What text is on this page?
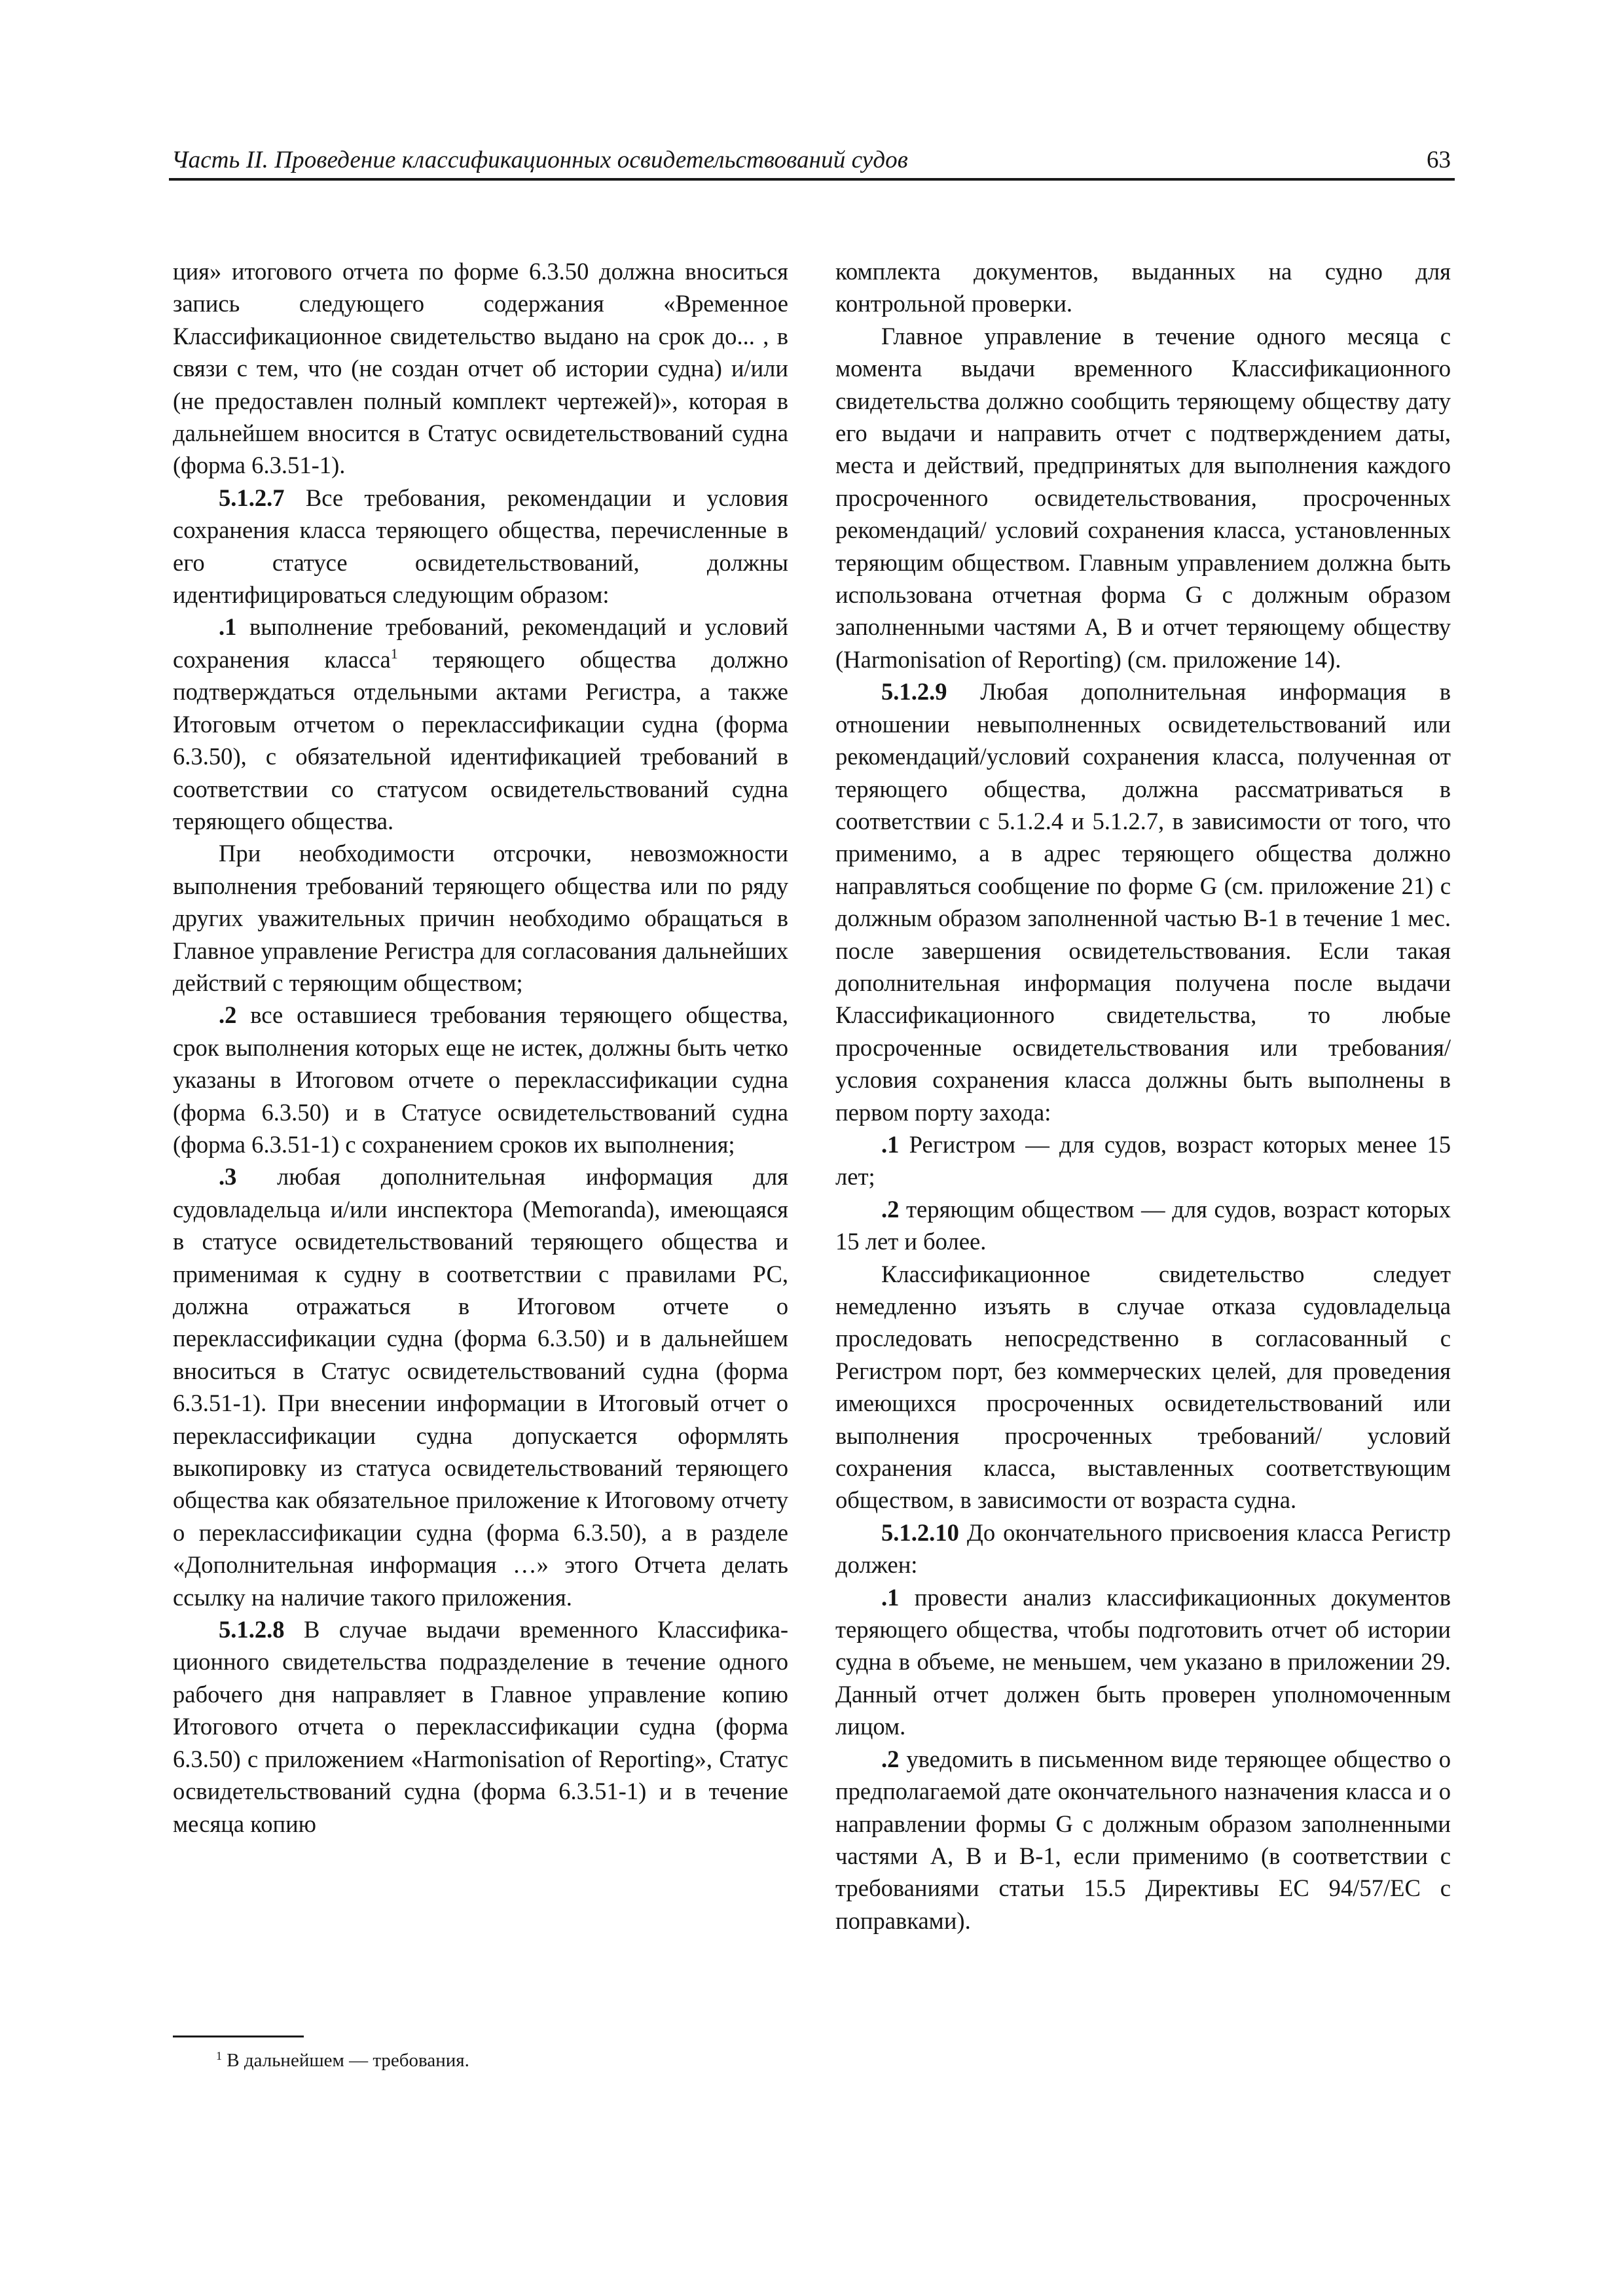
Часть II. Проведение классификационных освидетельствований судов	63

ция» итогового отчета по форме 6.3.50 должна вноситься запись следующего содержания «Временное Классификационное свидетельство выдано на срок до... , в связи с тем, что (не создан отчет об истории судна) и/или (не предоставлен полный комплект чертежей)», которая в дальнейшем вносится в Статус освидетельствований судна (форма 6.3.51-1).

5.1.2.7 Все требования, рекомендации и условия сохранения класса теряющего общества, перечисленные в его статусе освидетельствований, должны идентифицироваться следующим образом:

.1 выполнение требований, рекомендаций и условий сохранения класса$^1$ теряющего общества должно подтверждаться отдельными актами Регистра, а также Итоговым отчетом о переклассификации судна (форма 6.3.50), с обязательной идентификацией требований в соответствии со статусом освидетельствований судна теряющего общества.

При необходимости отсрочки, невозможности выполнения требований теряющего общества или по ряду других уважительных причин необходимо обращаться в Главное управление Регистра для согласования дальнейших действий с теряющим обществом;

.2 все оставшиеся требования теряющего общества, срок выполнения которых еще не истек, должны быть четко указаны в Итоговом отчете о переклассификации судна (форма 6.3.50) и в Статусе освидетельствований судна (форма 6.3.51-1) с сохранением сроков их выполнения;

.3 любая дополнительная информация для судовладельца и/или инспектора (Memoranda), имеющаяся в статусе освидетельствований теряющего общества и применимая к судну в соответствии с правилами РС, должна отражаться в Итоговом отчете о переклассификации судна (форма 6.3.50) и в дальнейшем вноситься в Статус освидетельствований судна (форма 6.3.51-1). При внесении информации в Итоговый отчет о переклассификации судна допускается оформлять выкопировку из статуса освидетельствований теряющего общества как обязательное приложение к Итоговому отчету о переклассификации судна (форма 6.3.50), а в разделе «Дополнительная информация …» этого Отчета делать ссылку на наличие такого приложения.

5.1.2.8 В случае выдачи временного Классификационного свидетельства подразделение в течение одного рабочего дня направляет в Главное управление копию Итогового отчета о переклассификации судна (форма 6.3.50) с приложением «Harmonisation of Reporting», Статус освидетельствований судна (форма 6.3.51-1) и в течение месяца копию

комплекта документов, выданных на судно для контрольной проверки.

Главное управление в течение одного месяца с момента выдачи временного Классификационного свидетельства должно сообщить теряющему обществу дату его выдачи и направить отчет с подтверждением даты, места и действий, предпринятых для выполнения каждого просроченного освидетельствования, просроченных рекомендаций/ условий сохранения класса, установленных теряющим обществом. Главным управлением должна быть использована отчетная форма G с должным образом заполненными частями А, В и отчет теряющему обществу (Harmonisation of Reporting) (см. приложение 14).

5.1.2.9 Любая дополнительная информация в отношении невыполненных освидетельствований или рекомендаций/условий сохранения класса, полученная от теряющего общества, должна рассматриваться в соответствии с 5.1.2.4 и 5.1.2.7, в зависимости от того, что применимо, а в адрес теряющего общества должно направляться сообщение по форме G (см. приложение 21) с должным образом заполненной частью В-1 в течение 1 мес. после завершения освидетельствования. Если такая дополнительная информация получена после выдачи Классификационного свидетельства, то любые просроченные освидетельствования или требования/условия сохранения класса должны быть выполнены в первом порту захода:

.1 Регистром — для судов, возраст которых менее 15 лет;

.2 теряющим обществом — для судов, возраст которых 15 лет и более.

Классификационное свидетельство следует немедленно изъять в случае отказа судовладельца проследовать непосредственно в согласованный с Регистром порт, без коммерческих целей, для проведения имеющихся просроченных освидетельствований или выполнения просроченных требований/ условий сохранения класса, выставленных соответствующим обществом, в зависимости от возраста судна.

5.1.2.10 До окончательного присвоения класса Регистр должен:

.1 провести анализ классификационных документов теряющего общества, чтобы подготовить отчет об истории судна в объеме, не меньшем, чем указано в приложении 29. Данный отчет должен быть проверен уполномоченным лицом.

.2 уведомить в письменном виде теряющее общество о предполагаемой дате окончательного назначения класса и о направлении формы G с должным образом заполненными частями А, В и В-1, если применимо (в соответствии с требованиями статьи 15.5 Директивы ЕС 94/57/ЕС с поправками).

$^1$ В дальнейшем — требования.
